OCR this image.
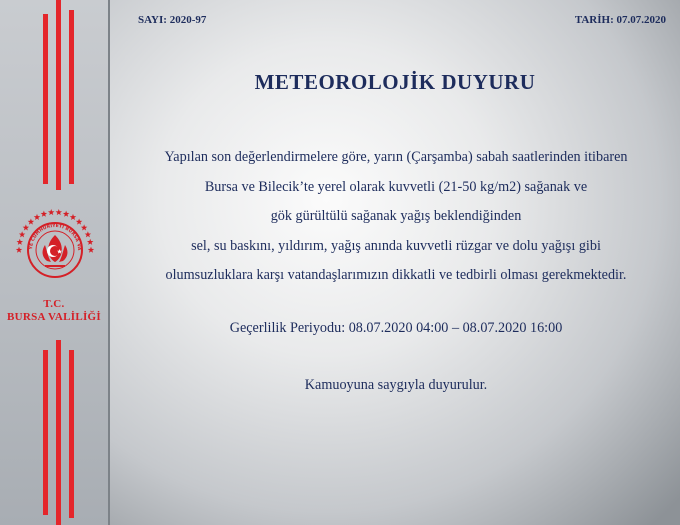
YE CUMHURİYETİ BURSA VA
T.C.
BURSA VALİLİĞİ
SAYI: 2020-97	TARİH: 07.07.2020
METEOROLOJİK DUYURU
Yapılan son değerlendirmelere göre, yarın (Çarşamba) sabah saatlerinden itibaren
Bursa ve Bilecik’te yerel olarak kuvvetli (21-50 kg/m2) sağanak ve
gök gürültülü sağanak yağış beklendiğinden
sel, su baskını, yıldırım, yağış anında kuvvetli rüzgar ve dolu yağışı gibi
olumsuzluklara karşı vatandaşlarımızın dikkatli ve tedbirli olması gerekmektedir.
Geçerlilik Periyodu: 08.07.2020 04:00 – 08.07.2020 16:00
Kamuoyuna saygıyla duyurulur.
